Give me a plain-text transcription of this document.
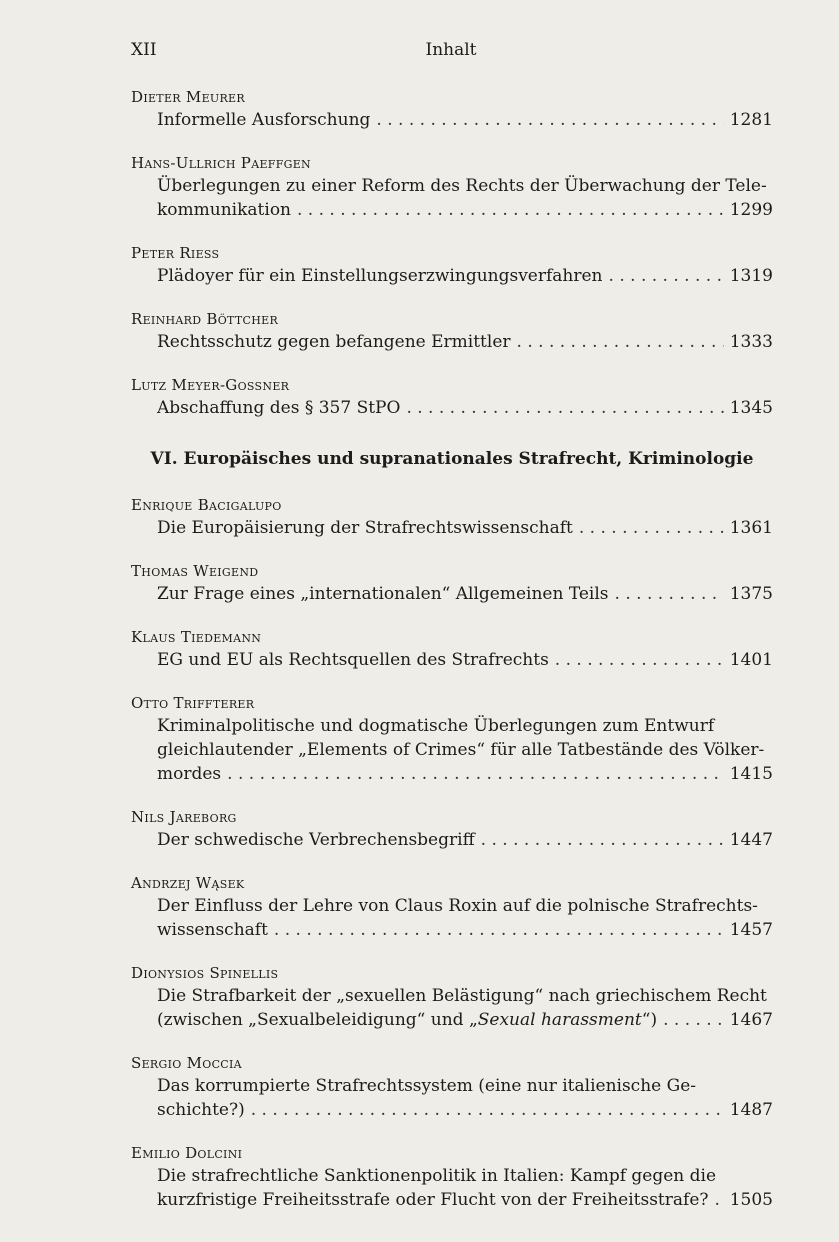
XII	Inhalt
Dieter Meurer
Informelle Ausforschung . . .	1281
Hans-Ullrich Paeffgen
Überlegungen zu einer Reform des Rechts der Überwachung der Tele-
kommunikation . . .	1299
Peter Riess
Plädoyer für ein Einstellungserzwingungsverfahren . . .	1319
Reinhard Böttcher
Rechtsschutz gegen befangene Ermittler . . .	1333
Lutz Meyer-Gossner
Abschaffung des § 357 StPO . . .	1345
VI. Europäisches und supranationales Strafrecht, Kriminologie
Enrique Bacigalupo
Die Europäisierung der Strafrechtswissenschaft . . .	1361
Thomas Weigend
Zur Frage eines „internationalen“ Allgemeinen Teils . . .	1375
Klaus Tiedemann
EG und EU als Rechtsquellen des Strafrechts . . .	1401
Otto Triffterer
Kriminalpolitische und dogmatische Überlegungen zum Entwurf
gleichlautender „Elements of Crimes“ für alle Tatbestände des Völker-
mordes . . .	1415
Nils Jareborg
Der schwedische Verbrechensbegriff . . .	1447
Andrzej Wąsek
Der Einfluss der Lehre von Claus Roxin auf die polnische Strafrechts-
wissenschaft . . .	1457
Dionysios Spinellis
Die Strafbarkeit der „sexuellen Belästigung“ nach griechischem Recht
(zwischen „Sexualbeleidigung“ und „Sexual harassment“) . . .	1467
Sergio Moccia
Das korrumpierte Strafrechtssystem (eine nur italienische Ge-
schichte?) . . .	1487
Emilio Dolcini
Die strafrechtliche Sanktionenpolitik in Italien: Kampf gegen die
kurzfristige Freiheitsstrafe oder Flucht von der Freiheitsstrafe? . . . 1505
